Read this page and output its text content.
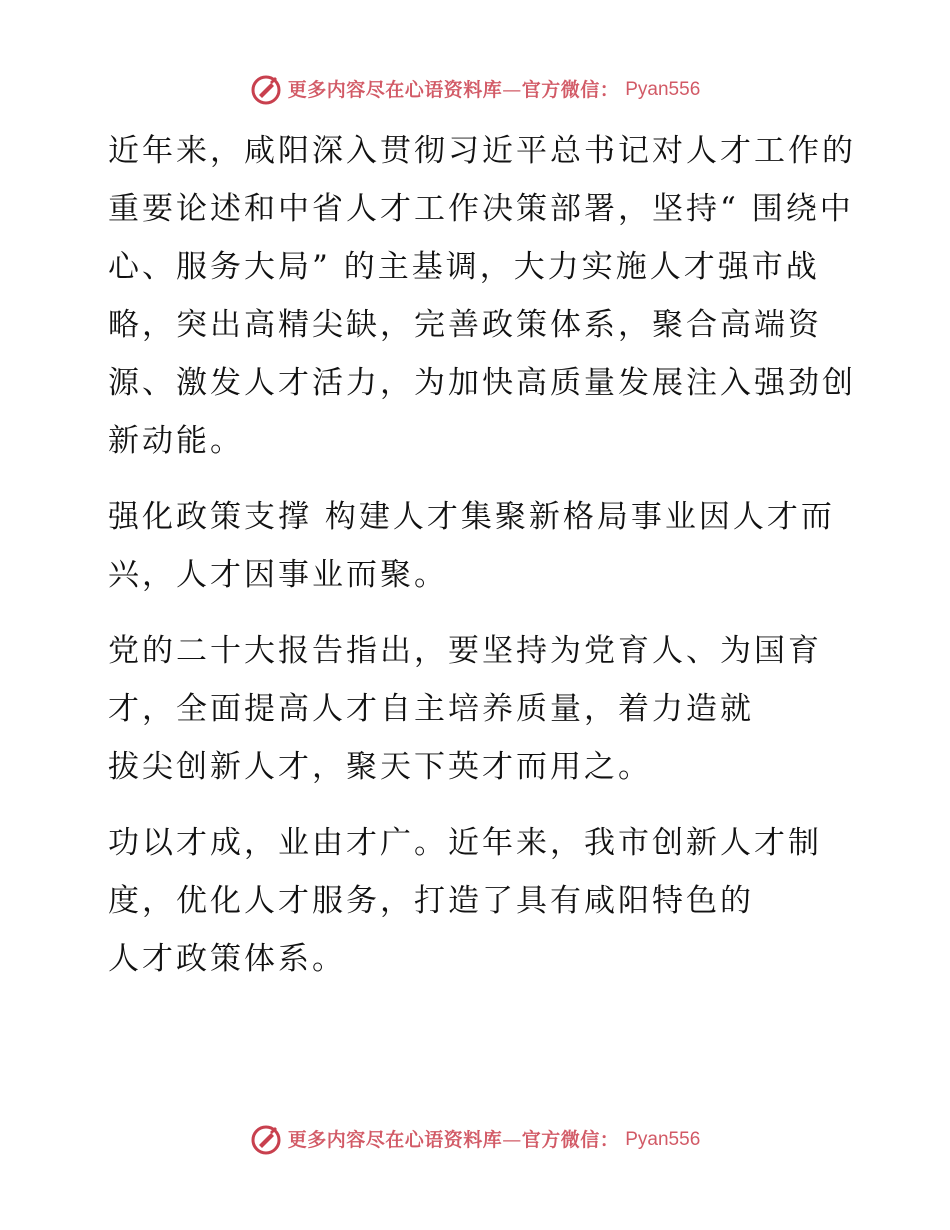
更多内容尽在心语资料库—官方微信： Pyan556

近年来，咸阳深入贯彻习近平总书记对人才工作的重要论述和中省人才工作决策部署，坚持“ 围绕中心、服务大局” 的主基调，大力实施人才强市战略，突出高精尖缺，完善政策体系，聚合高端资源、激发人才活力，为加快高质量发展注入强劲创新动能。

强化政策支撑 构建人才集聚新格局事业因人才而兴，人才因事业而聚。

党的二十大报告指出，要坚持为党育人、为国育才，全面提高人才自主培养质量，着力造就

拔尖创新人才，聚天下英才而用之。

功以才成，业由才广。近年来，我市创新人才制度，优化人才服务，打造了具有咸阳特色的

人才政策体系。

更多内容尽在心语资料库—官方微信： Pyan556
